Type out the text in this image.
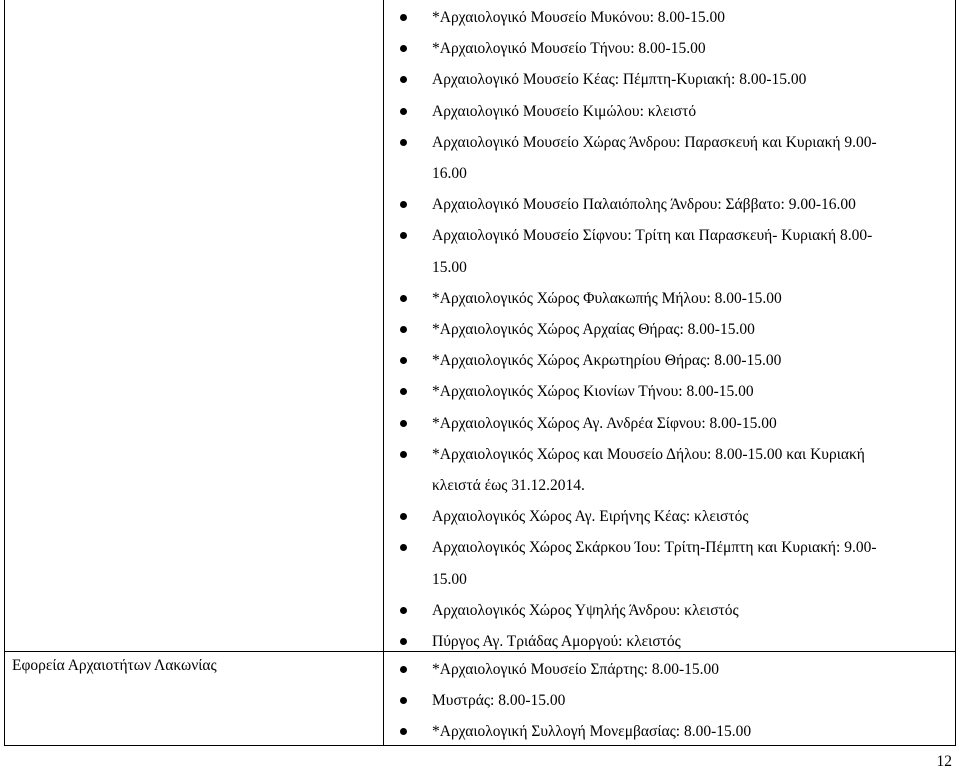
Εφορεία Αρχαιοτήτων Λακωνίας
*Αρχαιολογικό Μουσείο Μυκόνου: 8.00-15.00
*Αρχαιολογικό Μουσείο Τήνου: 8.00-15.00
Αρχαιολογικό Μουσείο Κέας: Πέμπτη-Κυριακή: 8.00-15.00
Αρχαιολογικό Μουσείο Κιμώλου: κλειστό
Αρχαιολογικό Μουσείο Χώρας Άνδρου: Παρασκευή και Κυριακή 9.00-
16.00
Αρχαιολογικό Μουσείο Παλαιόπολης Άνδρου: Σάββατο: 9.00-16.00
Αρχαιολογικό Μουσείο Σίφνου: Τρίτη και Παρασκευή- Κυριακή 8.00-
15.00
*Αρχαιολογικός Χώρος Φυλακωπής Μήλου: 8.00-15.00
*Αρχαιολογικός Χώρος Αρχαίας Θήρας: 8.00-15.00
*Αρχαιολογικός Χώρος Ακρωτηρίου Θήρας: 8.00-15.00
*Αρχαιολογικός Χώρος Κιονίων Τήνου: 8.00-15.00
*Αρχαιολογικός Χώρος Αγ. Ανδρέα Σίφνου: 8.00-15.00
*Αρχαιολογικός Χώρος και Μουσείο Δήλου: 8.00-15.00 και Κυριακή
κλειστά έως 31.12.2014.
Αρχαιολογικός Χώρος Αγ. Ειρήνης Κέας: κλειστός
Αρχαιολογικός Χώρος Σκάρκου Ίου: Τρίτη-Πέμπτη και Κυριακή: 9.00-
15.00
Αρχαιολογικός Χώρος Υψηλής Άνδρου: κλειστός
Πύργος Αγ. Τριάδας Αμοργού: κλειστός
*Αρχαιολογικό Μουσείο Σπάρτης: 8.00-15.00
Μυστράς: 8.00-15.00
*Αρχαιολογική Συλλογή Μονεμβασίας: 8.00-15.00
12
